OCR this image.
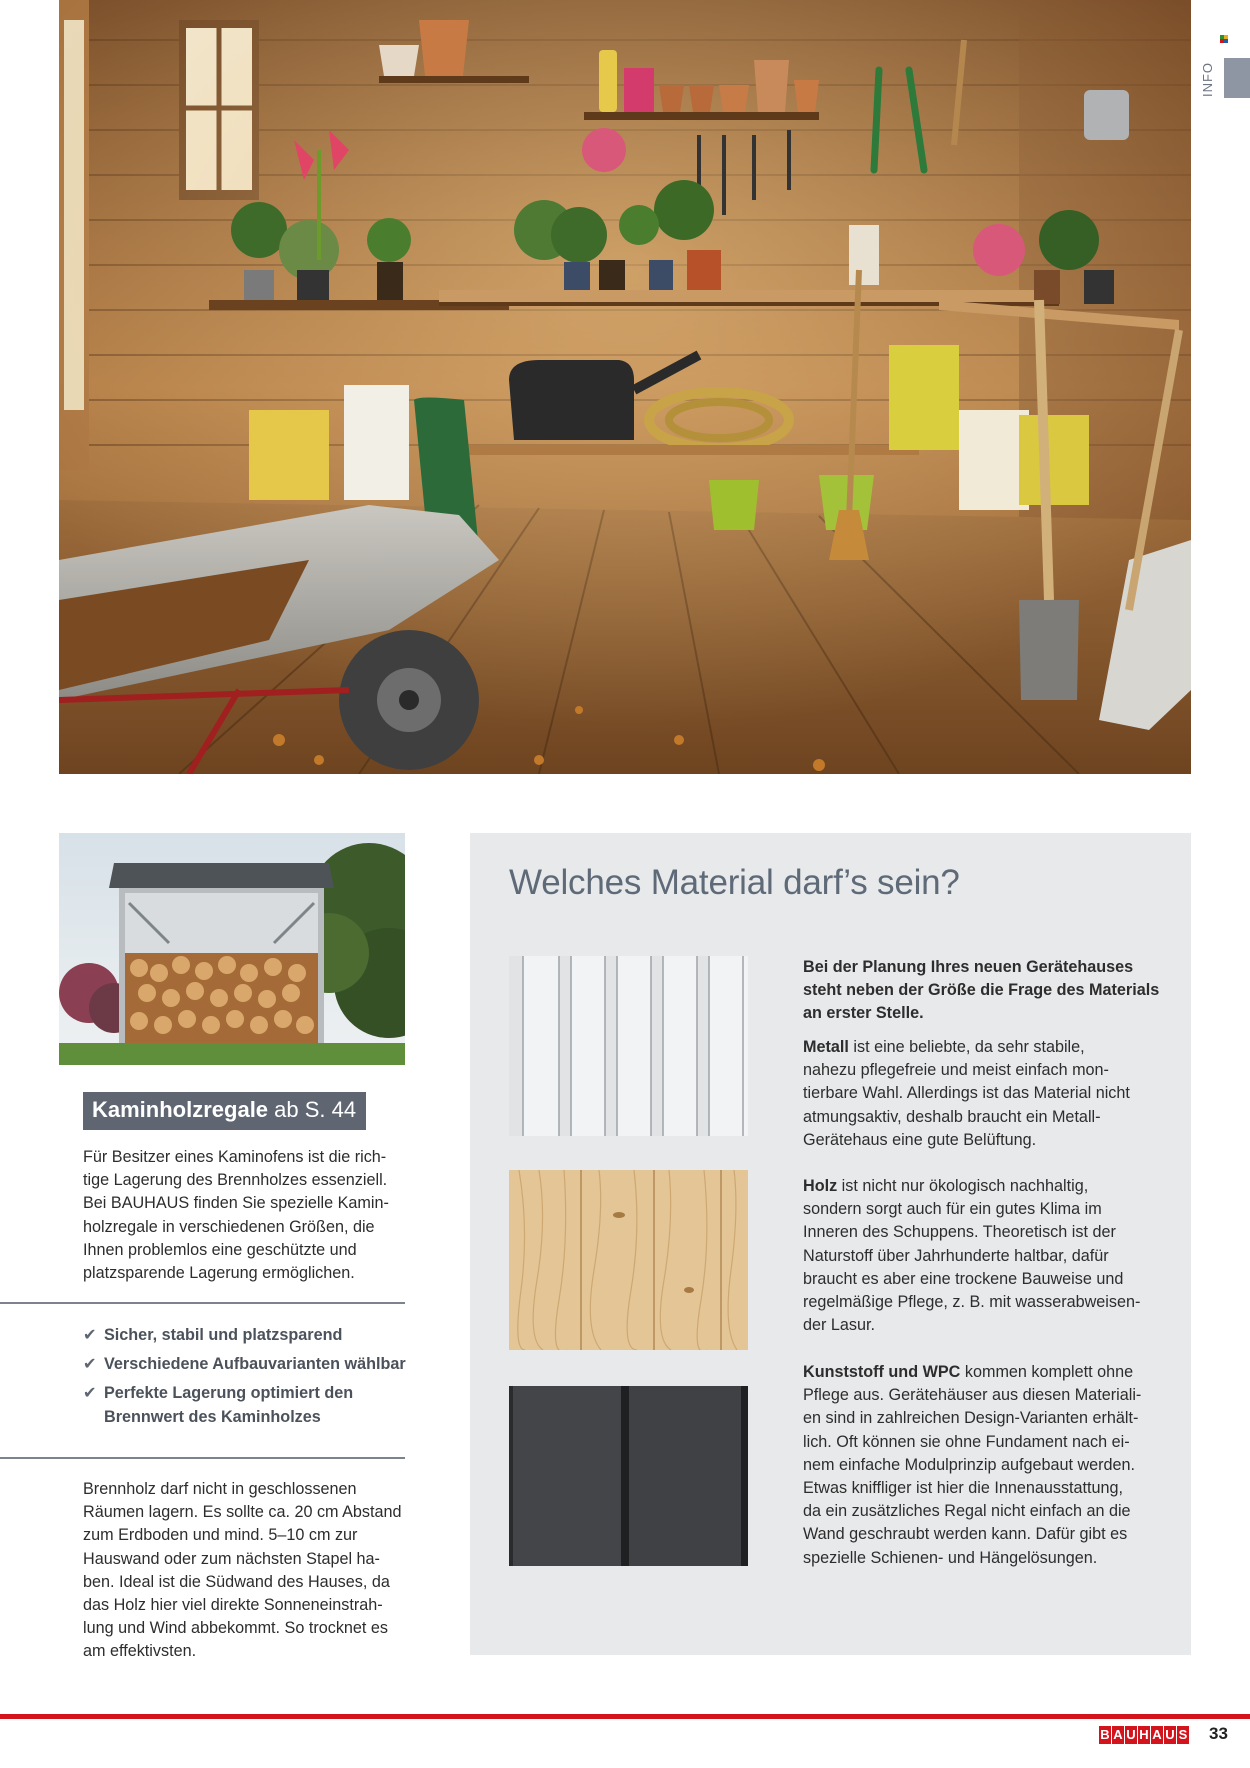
INFO
Kaminholzregale ab S. 44
Für Besitzer eines Kaminofens ist die rich-
tige Lagerung des Brennholzes essenziell.
Bei BAUHAUS finden Sie spezielle Kamin-
holzregale in verschiedenen Größen, die
Ihnen problemlos eine geschützte und
platzsparende Lagerung ermöglichen.
✔ Sicher, stabil und platzsparend
✔ Verschiedene Aufbauvarianten wählbar
✔ Perfekte Lagerung optimiert den Brennwert des Kaminholzes
Brennholz darf nicht in geschlossenen
Räumen lagern. Es sollte ca. 20 cm Abstand
zum Erdboden und mind. 5–10 cm zur
Hauswand oder zum nächsten Stapel ha-
ben. Ideal ist die Südwand des Hauses, da
das Holz hier viel direkte Sonneneinstrah-
lung und Wind abbekommt. So trocknet es
am effektivsten.
Welches Material darf’s sein?
Bei der Planung Ihres neuen Gerätehauses
steht neben der Größe die Frage des Materials
an erster Stelle.
Metall ist eine beliebte, da sehr stabile,
nahezu pflegefreie und meist einfach mon-
tierbare Wahl. Allerdings ist das Material nicht
atmungsaktiv, deshalb braucht ein Metall-
Gerätehaus eine gute Belüftung.
Holz ist nicht nur ökologisch nachhaltig,
sondern sorgt auch für ein gutes Klima im
Inneren des Schuppens. Theoretisch ist der
Naturstoff über Jahrhunderte haltbar, dafür
braucht es aber eine trockene Bauweise und
regelmäßige Pflege, z. B. mit wasserabweisen-
der Lasur.
Kunststoff und WPC kommen komplett ohne
Pflege aus. Gerätehäuser aus diesen Materiali-
en sind in zahlreichen Design-Varianten erhält-
lich. Oft können sie ohne Fundament nach ei-
nem einfache Modulprinzip aufgebaut werden.
Etwas kniffliger ist hier die Innenausstattung,
da ein zusätzliches Regal nicht einfach an die
Wand geschraubt werden kann. Dafür gibt es
spezielle Schienen- und Hängelösungen.
B A U H A U S 33
